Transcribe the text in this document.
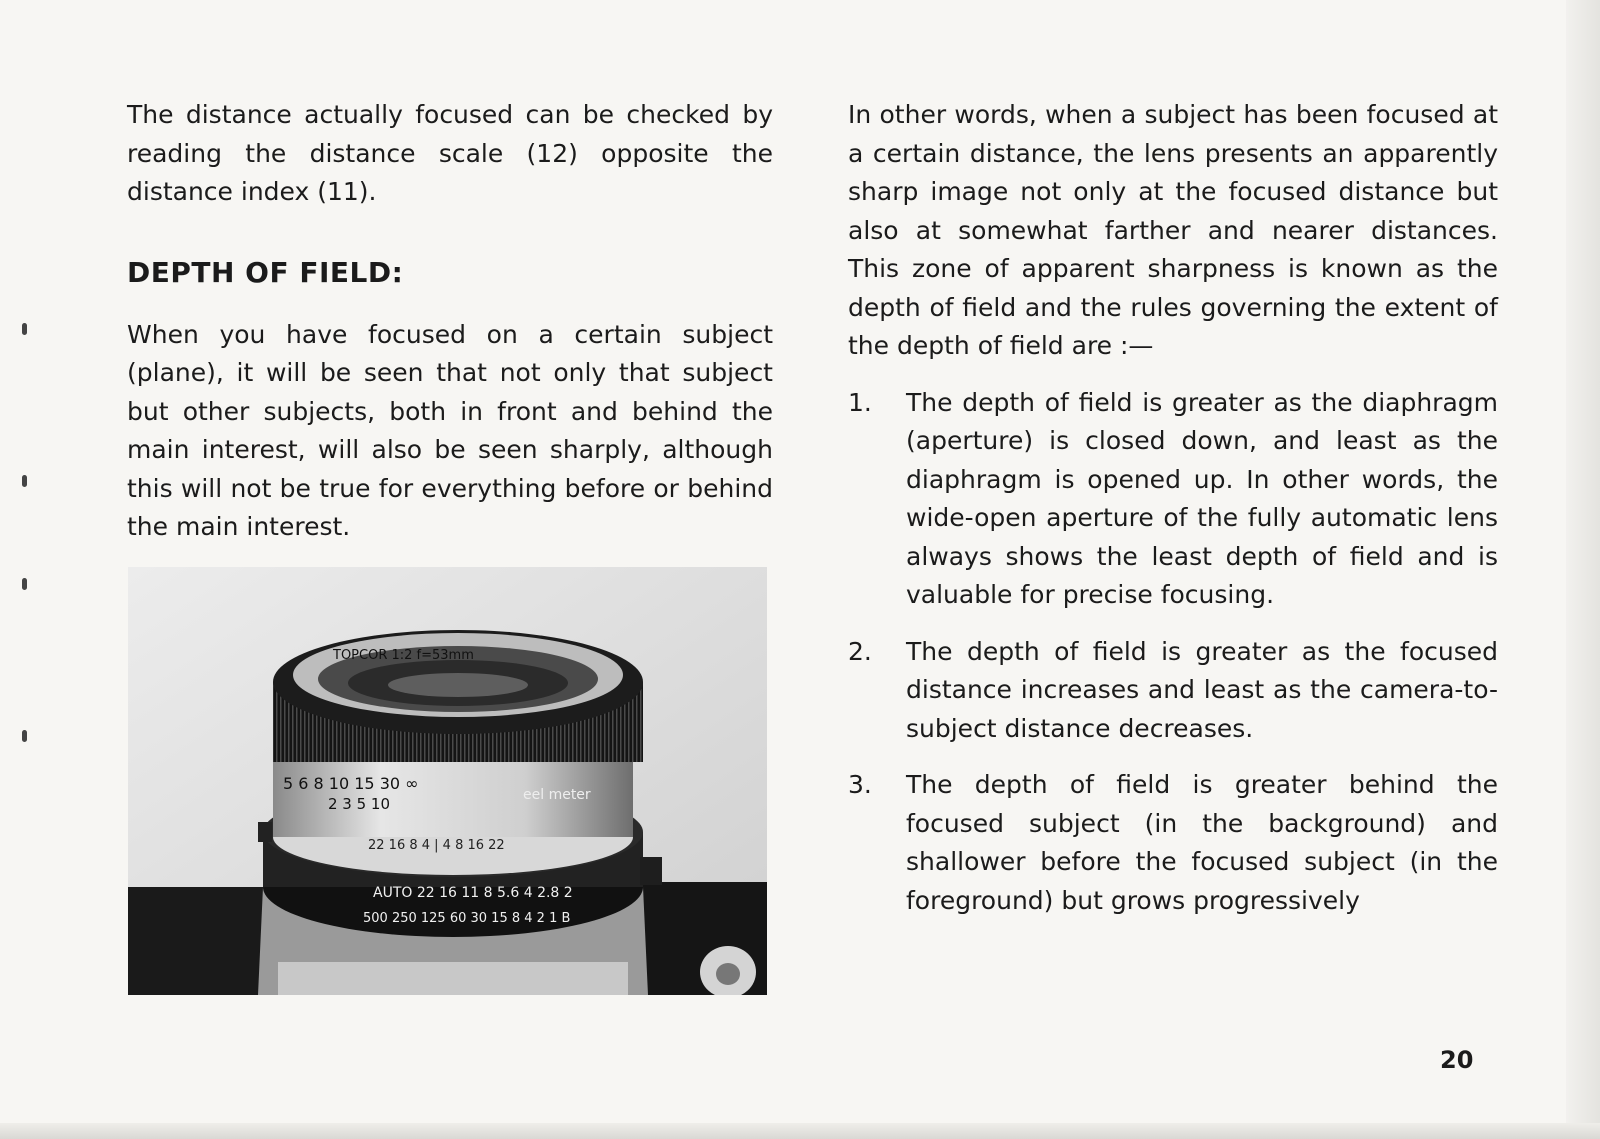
The distance actually focused can be checked by reading the distance scale (12) opposite the distance index (11).

DEPTH OF FIELD:

When you have focused on a certain subject (plane), it will be seen that not only that subject but other subjects, both in front and behind the main interest, will also be seen sharply, although this will not be true for everything before or behind the main interest.

TOPCOR 1:2 f=53mm
5 6 8 10 15 30 ∞
2 3 5 10	eel meter
22 16 8 4 | 4 8 16 22
AUTO 22 16 11 8 5.6 4 2.8 2
500 250 125 60 30 15 8 4 2 1 B

In other words, when a subject has been focused at a certain distance, the lens presents an apparently sharp image not only at the focused distance but also at somewhat farther and nearer distances. This zone of apparent sharpness is known as the depth of field and the rules governing the extent of the depth of field are :—

1.	The depth of field is greater as the diaphragm (aperture) is closed down, and least as the diaphragm is opened up. In other words, the wide-open aperture of the fully automatic lens always shows the least depth of field and is valuable for precise focusing.
2.	The depth of field is greater as the focused distance increases and least as the camera-to-subject distance decreases.
3.	The depth of field is greater behind the focused subject (in the background) and shallower before the focused subject (in the foreground) but grows progressively
20
